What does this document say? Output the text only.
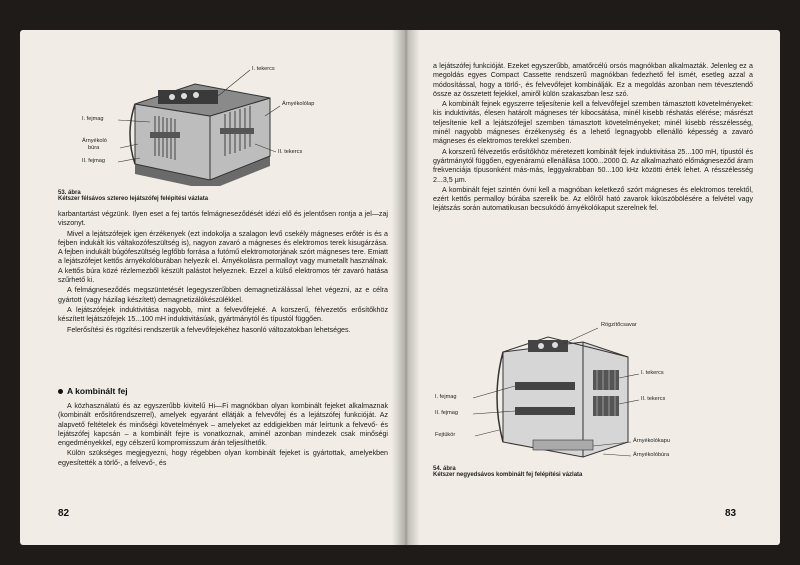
I. tekercs
Árnyékolólap
II. tekercs
I. fejmag
Árnyékoló
búra
II. fejmag
53. ábra
Kétszer félsávos sztereo lejátszófej felépítési vázlata

karbantartást végzünk. Ilyen eset a fej tartós felmágneseződését idézi elő és jelentősen rontja a jel—zaj viszonyt.

Mivel a lejátszófejek igen érzékenyek (ezt indokolja a szalagon levő csekély mágneses erőtér is és a fejben indukált kis váltakozófeszültség is), nagyon zavaró a mágneses és elektromos terek kisugárzása. A fejben indukált búgófeszültség legfőbb forrása a futómű elektromotorjának szórt mágneses tere. Emiatt a lejátszófejet kettős árnyékolóburában helyezik el. Árnyékolásra permalloyt vagy mumetallt használnak. A kettős búra közé rézlemezből készült palástot helyeznek. Ezzel a külső elektromos tér zavaró hatása szűrhető ki.

A felmágneseződés megszüntetését legegyszerűbben demagnetizálással lehet végezni, az e célra gyártott (vagy házilag készített) demagnetizálókészülékkel.

A lejátszófejek induktivitása nagyobb, mint a felvevőfejeké. A korszerű, félvezetős erősítőkhöz készített lejátszófejek 15...100 mH induktivitásúak, gyártmánytól és típustól függően.

Felerősítési és rögzítési rendszerük a felvevőfejekéhez hasonló változatokban lehetséges.

A kombinált fej

A közhasználatú és az egyszerűbb kivitelű Hi—Fi magnókban olyan kombinált fejeket alkalmaznak (kombinált erősítőrendszerrel), amelyek egyaránt ellátják a felvevőfej és a lejátszófej funkcióját. Az alapvető feltételek és minőségi követelmények – amelyeket az eddigiekben már leírtunk a felvevő- és lejátszófej kapcsán – a kombinált fejre is vonatkoznak, aminél azonban mindezek csak minőségi engedményekkel, egy célszerű kompromisszum árán teljesíthetők.

Külön szükséges megjegyezni, hogy régebben olyan kombinált fejeket is gyártottak, amelyekben egyesítették a törlő-, a felvevő-, és

82

a lejátszófej funkcióját. Ezeket egyszerűbb, amatőrcélú orsós magnókban alkalmazták. Jelenleg ez a megoldás egyes Compact Cassette rendszerű magnókban fedezhető fel ismét, esetleg azzal a módosítással, hogy a törlő-, és felvevőfejet kombinálják. Ez a megoldás azonban nem tévesztendő össze az összetett fejekkel, amiről külön szakaszban lesz szó.

A kombinált fejnek egyszerre teljesítenie kell a felvevőfejjel szemben támasztott követelményeket: kis induktivitás, élesen határolt mágneses tér kibocsátása, minél kisebb réshatás elérése; másrészt teljesítenie kell a lejátszófejjel szemben támasztott követelményeket; minél kisebb résszélesség, minél nagyobb mágneses érzékenység és a lehető legnagyobb ellenálló képesség a zavaró mágneses és elektromos terekkel szemben.

A korszerű félvezetős erősítőkhöz méretezett kombinált fejek induktivitása 25...100 mH, típustól és gyártmánytól függően, egyenáramú ellenállása 1000...2000 Ω. Az alkalmazható előmágneseződ áram frekvenciája típusonként más-más, leggyakrabban 50...100 kHz közötti érték lehet. A résszélesség 2...3,5 µm.

A kombinált fejet szintén óvni kell a magnóban keletkező szórt mágneses és elektromos terektől, ezért kettős permalloy búrába szerelik be. Az előlről ható zavarok kiküszöbölésére a felvétel vagy lejátszás során automatikusan becsukódó árnyékolókaput szerelnek fel.

Rögzítőcsavar
I. tekercs
II. tekercs
I. fejmag
II. fejmag
Fejtükör
Árnyékolókapu
Árnyékolóbúra
54. ábra
Kétszer negyedsávos kombinált fej felépítési vázlata
83
